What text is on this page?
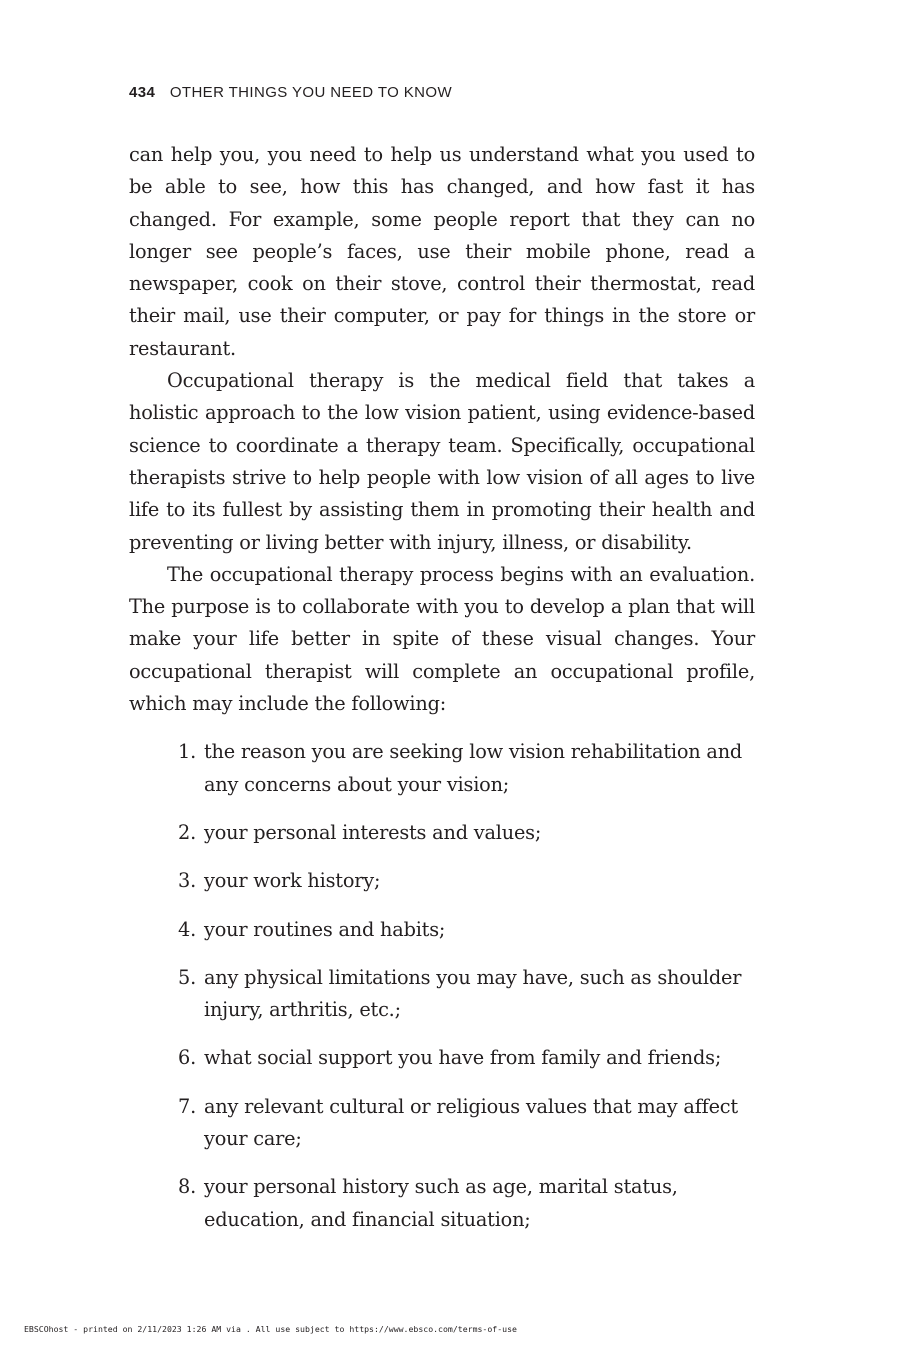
434 OTHER THINGS YOU NEED TO KNOW

can help you, you need to help us understand what you used to be able to see, how this has changed, and how fast it has changed. For example, some people report that they can no longer see people’s faces, use their mobile phone, read a newspaper, cook on their stove, control their thermostat, read their mail, use their computer, or pay for things in the store or restaurant.

Occupational therapy is the medical field that takes a holistic approach to the low vision patient, using evidence-based science to coordinate a therapy team. Specifically, occupational therapists strive to help people with low vision of all ages to live life to its fullest by assisting them in promoting their health and preventing or living better with injury, illness, or disability.

The occupational therapy process begins with an evaluation. The purpose is to collaborate with you to develop a plan that will make your life better in spite of these visual changes. Your occupational therapist will complete an occupational profile, which may include the following:

1. the reason you are seeking low vision rehabilitation and any concerns about your vision;
2. your personal interests and values;
3. your work history;
4. your routines and habits;
5. any physical limitations you may have, such as shoulder injury, arthritis, etc.;
6. what social support you have from family and friends;
7. any relevant cultural or religious values that may affect your care;
8. your personal history such as age, marital status, education, and financial situation;
EBSCOhost - printed on 2/11/2023 1:26 AM via . All use subject to https://www.ebsco.com/terms-of-use
